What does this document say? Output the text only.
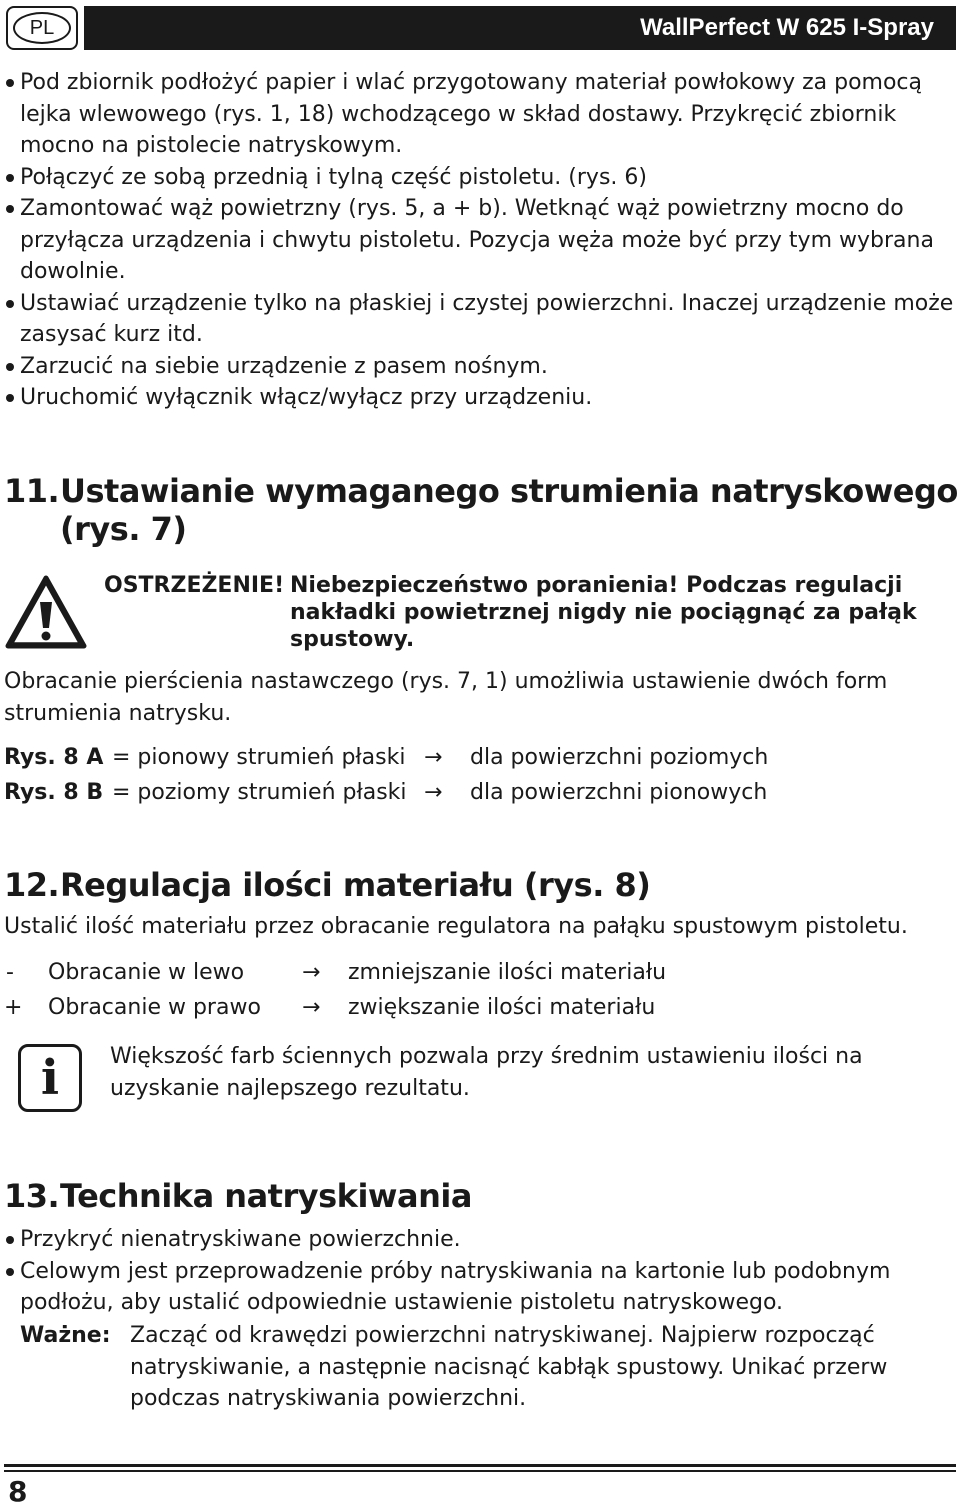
PL	WallPerfect W 625 I-Spray
Pod zbiornik podłożyć papier i wlać przygotowany materiał powłokowy za pomocą lejka wlewowego (rys. 1, 18) wchodzącego w skład dostawy. Przykręcić zbiornik mocno na pistolecie natryskowym.
Połączyć ze sobą przednią i tylną część pistoletu. (rys. 6)
Zamontować wąż powietrzny (rys. 5, a + b). Wetknąć wąż powietrzny mocno do przyłącza urządzenia i chwytu pistoletu. Pozycja węża może być przy tym wybrana dowolnie.
Ustawiać urządzenie tylko na płaskiej i czystej powierzchni. Inaczej urządzenie może zasysać kurz itd.
Zarzucić na siebie urządzenie z pasem nośnym.
Uruchomić wyłącznik włącz/wyłącz przy urządzeniu.
11.Ustawianie wymaganego strumienia natryskowego
(rys. 7)
OSTRZEŻENIE! Niebezpieczeństwo poranienia! Podczas regulacji nakładki powietrznej nigdy nie pociągnąć za pałąk spustowy.

Obracanie pierścienia nastawczego (rys. 7, 1) umożliwia ustawienie dwóch form strumienia natrysku.

Rys. 8 A = pionowy strumień płaski → dla powierzchni poziomych
Rys. 8 B = poziomy strumień płaski → dla powierzchni pionowych
12.Regulacja ilości materiału (rys. 8)

Ustalić ilość materiału przez obracanie regulatora na pałąku spustowym pistoletu.

- Obracanie w lewo	→ zmniejszanie ilości materiału
+ Obracanie w prawo → zwiększanie ilości materiału
i	Większość farb ściennych pozwala przy średnim ustawieniu ilości na uzyskanie najlepszego rezultatu.

13.Technika natryskiwania
Przykryć nienatryskiwane powierzchnie.
Celowym jest przeprowadzenie próby natryskiwania na kartonie lub podobnym podłożu, aby ustalić odpowiednie ustawienie pistoletu natryskowego.
Ważne: Zacząć od krawędzi powierzchni natryskiwanej. Najpierw rozpocząć natryskiwanie, a następnie nacisnąć kabłąk spustowy. Unikać przerw podczas natryskiwania powierzchni.

8
